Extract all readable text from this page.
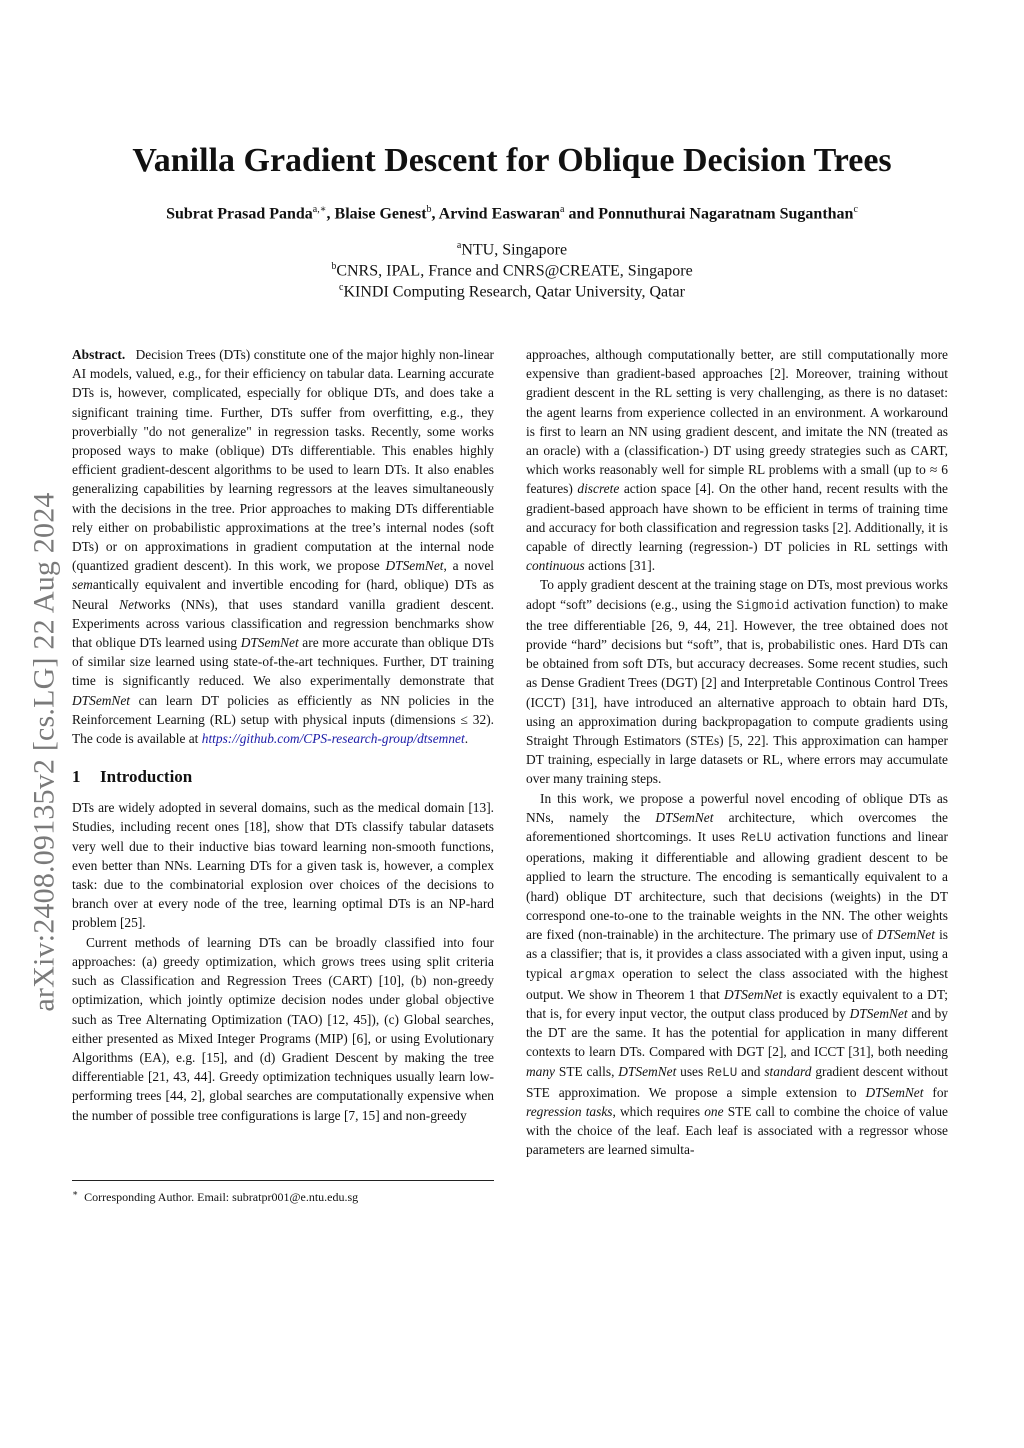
arXiv:2408.09135v2 [cs.LG] 22 Aug 2024
Vanilla Gradient Descent for Oblique Decision Trees
Subrat Prasad Panda$^{a,∗}$, Blaise Genest$^b$, Arvind Easwaran$^a$ and Ponnuthurai Nagaratnam Suganthan$^c$
$^a$NTU, Singapore
$^b$CNRS, IPAL, France and CNRS@CREATE, Singapore
$^c$KINDI Computing Research, Qatar University, Qatar

Abstract. Decision Trees (DTs) constitute one of the major highly non-linear AI models, valued, e.g., for their efficiency on tabular data. Learning accurate DTs is, however, complicated, especially for oblique DTs, and does take a significant training time. Further, DTs suffer from overfitting, e.g., they proverbially "do not generalize" in regression tasks. Recently, some works proposed ways to make (oblique) DTs differentiable. This enables highly efficient gradient-descent algorithms to be used to learn DTs. It also enables generalizing capabilities by learning regressors at the leaves simultaneously with the decisions in the tree. Prior approaches to making DTs differentiable rely either on probabilistic approximations at the tree’s internal nodes (soft DTs) or on approximations in gradient computation at the internal node (quantized gradient descent). In this work, we propose DTSemNet, a novel semantically equivalent and invertible encoding for (hard, oblique) DTs as Neural Networks (NNs), that uses standard vanilla gradient descent. Experiments across various classification and regression benchmarks show that oblique DTs learned using DTSemNet are more accurate than oblique DTs of similar size learned using state-of-the-art techniques. Further, DT training time is significantly reduced. We also experimentally demonstrate that DTSemNet can learn DT policies as efficiently as NN policies in the Reinforcement Learning (RL) setup with physical inputs (dimensions ≤ 32). The code is available at https://github.com/CPS-research-group/dtsemnet.

1 Introduction

DTs are widely adopted in several domains, such as the medical domain [13]. Studies, including recent ones [18], show that DTs classify tabular datasets very well due to their inductive bias toward learning non-smooth functions, even better than NNs. Learning DTs for a given task is, however, a complex task: due to the combinatorial explosion over choices of the decisions to branch over at every node of the tree, learning optimal DTs is an NP-hard problem [25].

Current methods of learning DTs can be broadly classified into four approaches: (a) greedy optimization, which grows trees using split criteria such as Classification and Regression Trees (CART) [10], (b) non-greedy optimization, which jointly optimize decision nodes under global objective such as Tree Alternating Optimization (TAO) [12, 45]), (c) Global searches, either presented as Mixed Integer Programs (MIP) [6], or using Evolutionary Algorithms (EA), e.g. [15], and (d) Gradient Descent by making the tree differentiable [21, 43, 44]. Greedy optimization techniques usually learn low-performing trees [44, 2], global searches are computationally expensive when the number of possible tree configurations is large [7, 15] and non-greedy

∗ Corresponding Author. Email: subratpr001@e.ntu.edu.sg

approaches, although computationally better, are still computationally more expensive than gradient-based approaches [2]. Moreover, training without gradient descent in the RL setting is very challenging, as there is no dataset: the agent learns from experience collected in an environment. A workaround is first to learn an NN using gradient descent, and imitate the NN (treated as an oracle) with a (classification-) DT using greedy strategies such as CART, which works reasonably well for simple RL problems with a small (up to ≈ 6 features) discrete action space [4]. On the other hand, recent results with the gradient-based approach have shown to be efficient in terms of training time and accuracy for both classification and regression tasks [2]. Additionally, it is capable of directly learning (regression-) DT policies in RL settings with continuous actions [31].

To apply gradient descent at the training stage on DTs, most previous works adopt “soft” decisions (e.g., using the Sigmoid activation function) to make the tree differentiable [26, 9, 44, 21]. However, the tree obtained does not provide “hard” decisions but “soft”, that is, probabilistic ones. Hard DTs can be obtained from soft DTs, but accuracy decreases. Some recent studies, such as Dense Gradient Trees (DGT) [2] and Interpretable Continous Control Trees (ICCT) [31], have introduced an alternative approach to obtain hard DTs, using an approximation during backpropagation to compute gradients using Straight Through Estimators (STEs) [5, 22]. This approximation can hamper DT training, especially in large datasets or RL, where errors may accumulate over many training steps.

In this work, we propose a powerful novel encoding of oblique DTs as NNs, namely the DTSemNet architecture, which overcomes the aforementioned shortcomings. It uses ReLU activation functions and linear operations, making it differentiable and allowing gradient descent to be applied to learn the structure. The encoding is semantically equivalent to a (hard) oblique DT architecture, such that decisions (weights) in the DT correspond one-to-one to the trainable weights in the NN. The other weights are fixed (non-trainable) in the architecture. The primary use of DTSemNet is as a classifier; that is, it provides a class associated with a given input, using a typical argmax operation to select the class associated with the highest output. We show in Theorem 1 that DTSemNet is exactly equivalent to a DT; that is, for every input vector, the output class produced by DTSemNet and by the DT are the same. It has the potential for application in many different contexts to learn DTs. Compared with DGT [2], and ICCT [31], both needing many STE calls, DTSemNet uses ReLU and standard gradient descent without STE approximation. We propose a simple extension to DTSemNet for regression tasks, which requires one STE call to combine the choice of value with the choice of the leaf. Each leaf is associated with a regressor whose parameters are learned simulta-
